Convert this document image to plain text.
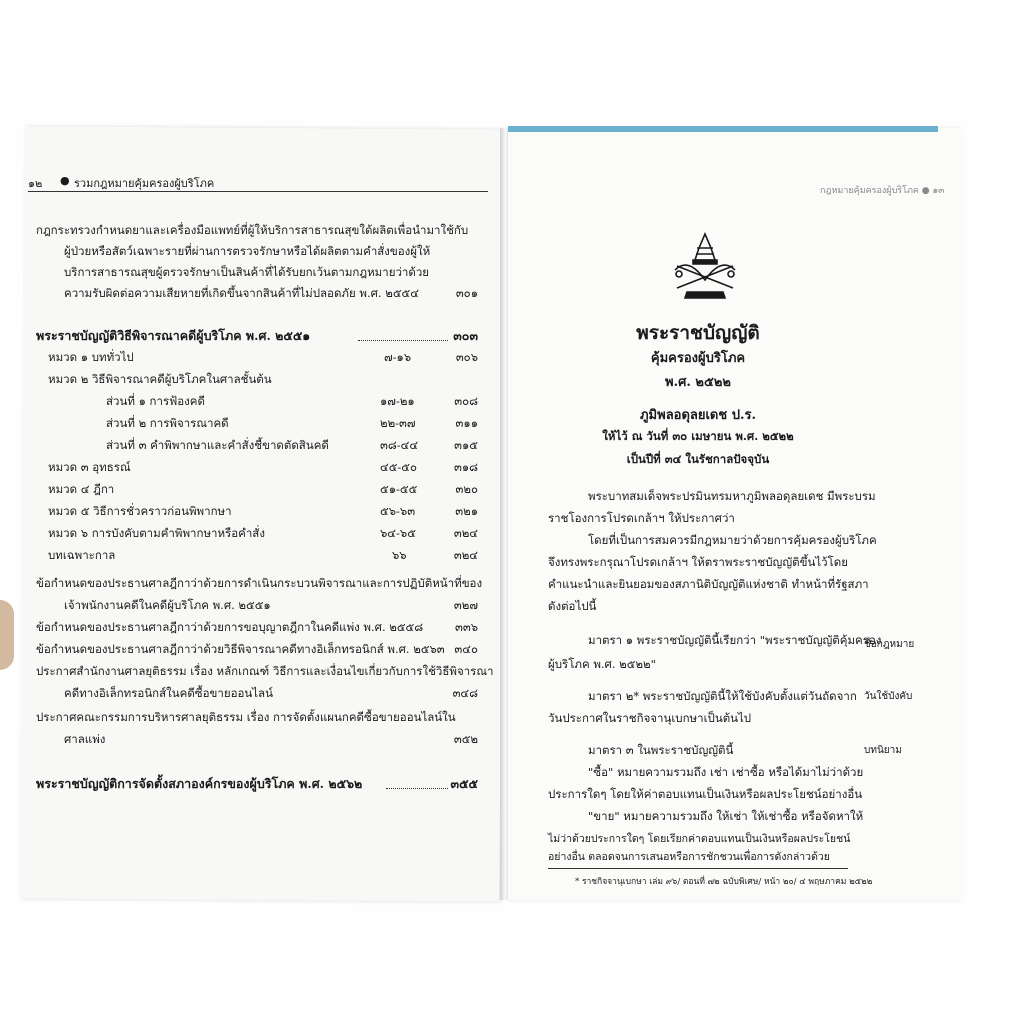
๑๒ ● รวมกฎหมายคุ้มครองผู้บริโภค
กฎกระทรวงกำหนดยาและเครื่องมือแพทย์ที่ผู้ให้บริการสาธารณสุขใด้ผลิตเพื่อนำมาใช้กับ
ผู้ป่วยหรือสัตว์เฉพาะรายที่ผ่านการตรวจรักษาหรือได้ผลิตตามคำสั่งของผู้ให้
บริการสาธารณสุขผู้ตรวจรักษาเป็นสินค้าที่ได้รับยกเว้นตามกฎหมายว่าด้วย
ความรับผิดต่อความเสียหายที่เกิดขึ้นจากสินค้าที่ไม่ปลอดภัย พ.ศ. ๒๕๕๔	๓๐๑
พระราชบัญญัติวิธีพิจารณาคดีผู้บริโภค พ.ศ. ๒๕๕๑	๓๐๓
หมวด ๑ บททั่วไป	๗-๑๖	๓๐๖
หมวด ๒ วิธีพิจารณาคดีผู้บริโภคในศาลชั้นต้น
ส่วนที่ ๑ การฟ้องคดี	๑๗-๒๑	๓๐๘
ส่วนที่ ๒ การพิจารณาคดี	๒๒-๓๗	๓๑๑
ส่วนที่ ๓ คำพิพากษาและคำสั่งชี้ขาดตัดสินคดี	๓๘-๔๔	๓๑๕
หมวด ๓ อุทธรณ์	๔๕-๕๐	๓๑๘
หมวด ๔ ฎีกา	๕๑-๕๕	๓๒๐
หมวด ๕ วิธีการชั่วคราวก่อนพิพากษา	๕๖-๖๓	๓๒๑
หมวด ๖ การบังคับตามคำพิพากษาหรือคำสั่ง	๖๔-๖๕	๓๒๔
บทเฉพาะกาล	๖๖	๓๒๔
ข้อกำหนดของประธานศาลฎีกาว่าด้วยการดำเนินกระบวนพิจารณาและการปฏิบัติหน้าที่ของ
เจ้าพนักงานคดีในคดีผู้บริโภค พ.ศ. ๒๕๕๑	๓๒๗
ข้อกำหนดของประธานศาลฎีกาว่าด้วยการขอบุญาตฎีกาในคดีแพ่ง พ.ศ. ๒๕๕๘	๓๓๖
ข้อกำหนดของประธานศาลฎีกาว่าด้วยวิธีพิจารณาคดีทางอิเล็กทรอนิกส์ พ.ศ. ๒๕๖๓ ๓๔๐
ประกาศสำนักงานศาลยุติธรรม เรื่อง หลักเกณฑ์ วิธีการและเงื่อนไขเกี่ยวกับการใช้วิธีพิจารณา
คดีทางอิเล็กทรอนิกส์ในคดีซื้อขายออนไลน์	๓๔๘
ประกาศคณะกรรมการบริหารศาลยุติธรรม เรื่อง การจัดตั้งแผนกคดีซื้อขายออนไลน์ใน
ศาลแพ่ง	๓๕๒
พระราชบัญญัติการจัดตั้งสภาองค์กรของผู้บริโภค พ.ศ. ๒๕๖๒	๓๕๕
กฎหมายคุ้มครองผู้บริโภค ● ๑๓
พระราชบัญญัติ
คุ้มครองผู้บริโภค
พ.ศ. ๒๕๒๒
ภูมิพลอดุลยเดช ป.ร.
ให้ไว้ ณ วันที่ ๓๐ เมษายน พ.ศ. ๒๕๒๒
เป็นปีที่ ๓๔ ในรัชกาลปัจจุบัน
พระบาทสมเด็จพระปรมินทรมหาภูมิพลอดุลยเดช มีพระบรม
ราชโองการโปรดเกล้าฯ ให้ประกาศว่า
โดยที่เป็นการสมควรมีกฎหมายว่าด้วยการคุ้มครองผู้บริโภค
จึงทรงพระกรุณาโปรดเกล้าฯ ให้ตราพระราชบัญญัติขึ้นไว้โดย
คำแนะนำและยินยอมของสภานิติบัญญัติแห่งชาติ ทำหน้าที่รัฐสภา
ดังต่อไปนี้
มาตรา ๑ พระราชบัญญัตินี้เรียกว่า "พระราชบัญญัติคุ้มครอง
ผู้บริโภค พ.ศ. ๒๕๒๒"
มาตรา ๒* พระราชบัญญัตินี้ให้ใช้บังคับตั้งแต่วันถัดจาก
วันประกาศในราชกิจจานุเบกษาเป็นต้นไป
มาตรา ๓ ในพระราชบัญญัตินี้
"ซื้อ" หมายความรวมถึง เช่า เช่าซื้อ หรือได้มาไม่ว่าด้วย
ประการใดๆ โดยให้ค่าตอบแทนเป็นเงินหรือผลประโยชน์อย่างอื่น
"ขาย" หมายความรวมถึง ให้เช่า ให้เช่าซื้อ หรือจัดหาให้
ไม่ว่าด้วยประการใดๆ โดยเรียกค่าตอบแทนเป็นเงินหรือผลประโยชน์
อย่างอื่น ตลอดจนการเสนอหรือการชักชวนเพื่อการดังกล่าวด้วย
ชื่อกฎหมาย
วันใช้บังคับ
บทนิยาม
* ราชกิจจานุเบกษา เล่ม ๙๖/ ตอนที่ ๗๒ ฉบับพิเศษ/ หน้า ๒๐/ ๔ พฤษภาคม ๒๕๒๒
